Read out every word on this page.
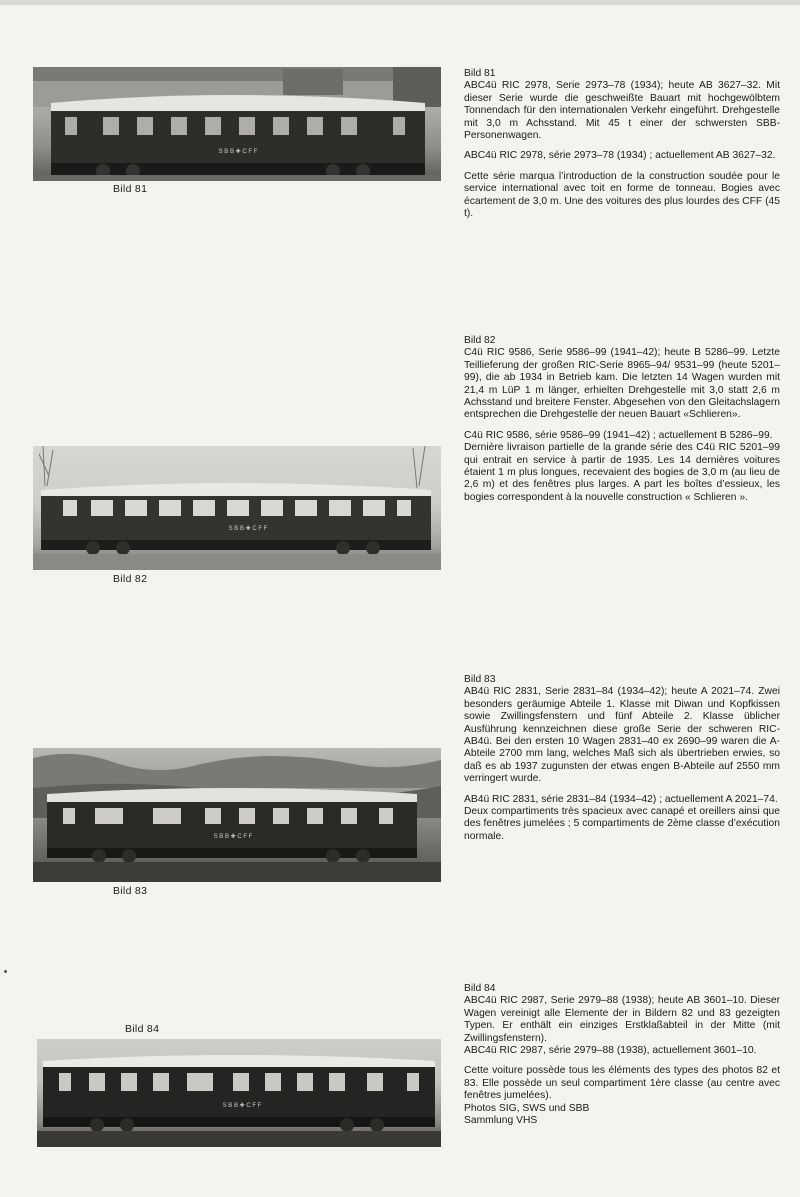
S B B ✚ C F F
Bild 81

Bild 81

ABC4ü RIC 2978, Serie 2973–78 (1934); heute AB 3627–32. Mit dieser Serie wurde die geschweißte Bauart mit hochgewölbtem Tonnendach für den internationalen Verkehr eingeführt. Drehgestelle mit 3,0 m Achsstand. Mit 45 t einer der schwersten SBB-Personenwagen.

ABC4ü RIC 2978, série 2973–78 (1934) ; actuellement AB 3627–32.

Cette série marqua l’introduction de la construction soudée pour le service international avec toit en forme de tonneau. Bogies avec écartement de 3,0 m. Une des voitures des plus lourdes des CFF (45 t).

S B B ✚ C F F
Bild 82

Bild 82

C4ü RIC 9586, Serie 9586–99 (1941–42); heute B 5286–99. Letzte Teillieferung der großen RIC-Serie 8965–94/ 9531–99 (heute 5201–99), die ab 1934 in Betrieb kam. Die letzten 14 Wagen wurden mit 21,4 m LüP 1 m länger, erhielten Drehgestelle mit 3,0 statt 2,6 m Achsstand und breitere Fenster. Abgesehen von den Gleitachslagern entsprechen die Drehgestelle der neuen Bauart «Schlieren».

C4ü RIC 9586, série 9586–99 (1941–42) ; actuellement B 5286–99.

Dernière livraison partielle de la grande série des C4ü RIC 5201–99 qui entrait en service à partir de 1935. Les 14 dernières voitures étaient 1 m plus longues, recevaient des bogies de 3,0 m (au lieu de 2,6 m) et des fenêtres plus larges. A part les boîtes d’essieux, les bogies correspondent à la nouvelle construction « Schlieren ».

S B B ✚ C F F
Bild 83

Bild 83

AB4ü RIC 2831, Serie 2831–84 (1934–42); heute A 2021–74. Zwei besonders geräumige Abteile 1. Klasse mit Diwan und Kopfkissen sowie Zwillingsfenstern und fünf Abteile 2. Klasse üblicher Ausführung kennzeichnen diese große Serie der schweren RIC-AB4ü. Bei den ersten 10 Wagen 2831–40 ex 2690–99 waren die A-Abteile 2700 mm lang, welches Maß sich als übertrieben erwies, so daß es ab 1937 zugunsten der etwas engen B-Abteile auf 2550 mm verringert wurde.

AB4ü RIC 2831, série 2831–84 (1934–42) ; actuellement A 2021–74.

Deux compartiments très spacieux avec canapé et oreillers ainsi que des fenêtres jumelées ; 5 compartiments de 2ème classe d’exécution normale.

Bild 84
S B B ✚ C F F

Bild 84

ABC4ü RIC 2987, Serie 2979–88 (1938); heute AB 3601–10. Dieser Wagen vereinigt alle Elemente der in Bildern 82 und 83 gezeigten Typen. Er enthält ein einziges Erstklaßabteil in der Mitte (mit Zwillingsfenstern).

ABC4ü RIC 2987, série 2979–88 (1938), actuellement 3601–10.

Cette voiture possède tous les éléments des types des photos 82 et 83. Elle possède un seul compartiment 1ère classe (au centre avec fenêtres jumelées).

Photos SIG, SWS und SBB

Sammlung VHS
